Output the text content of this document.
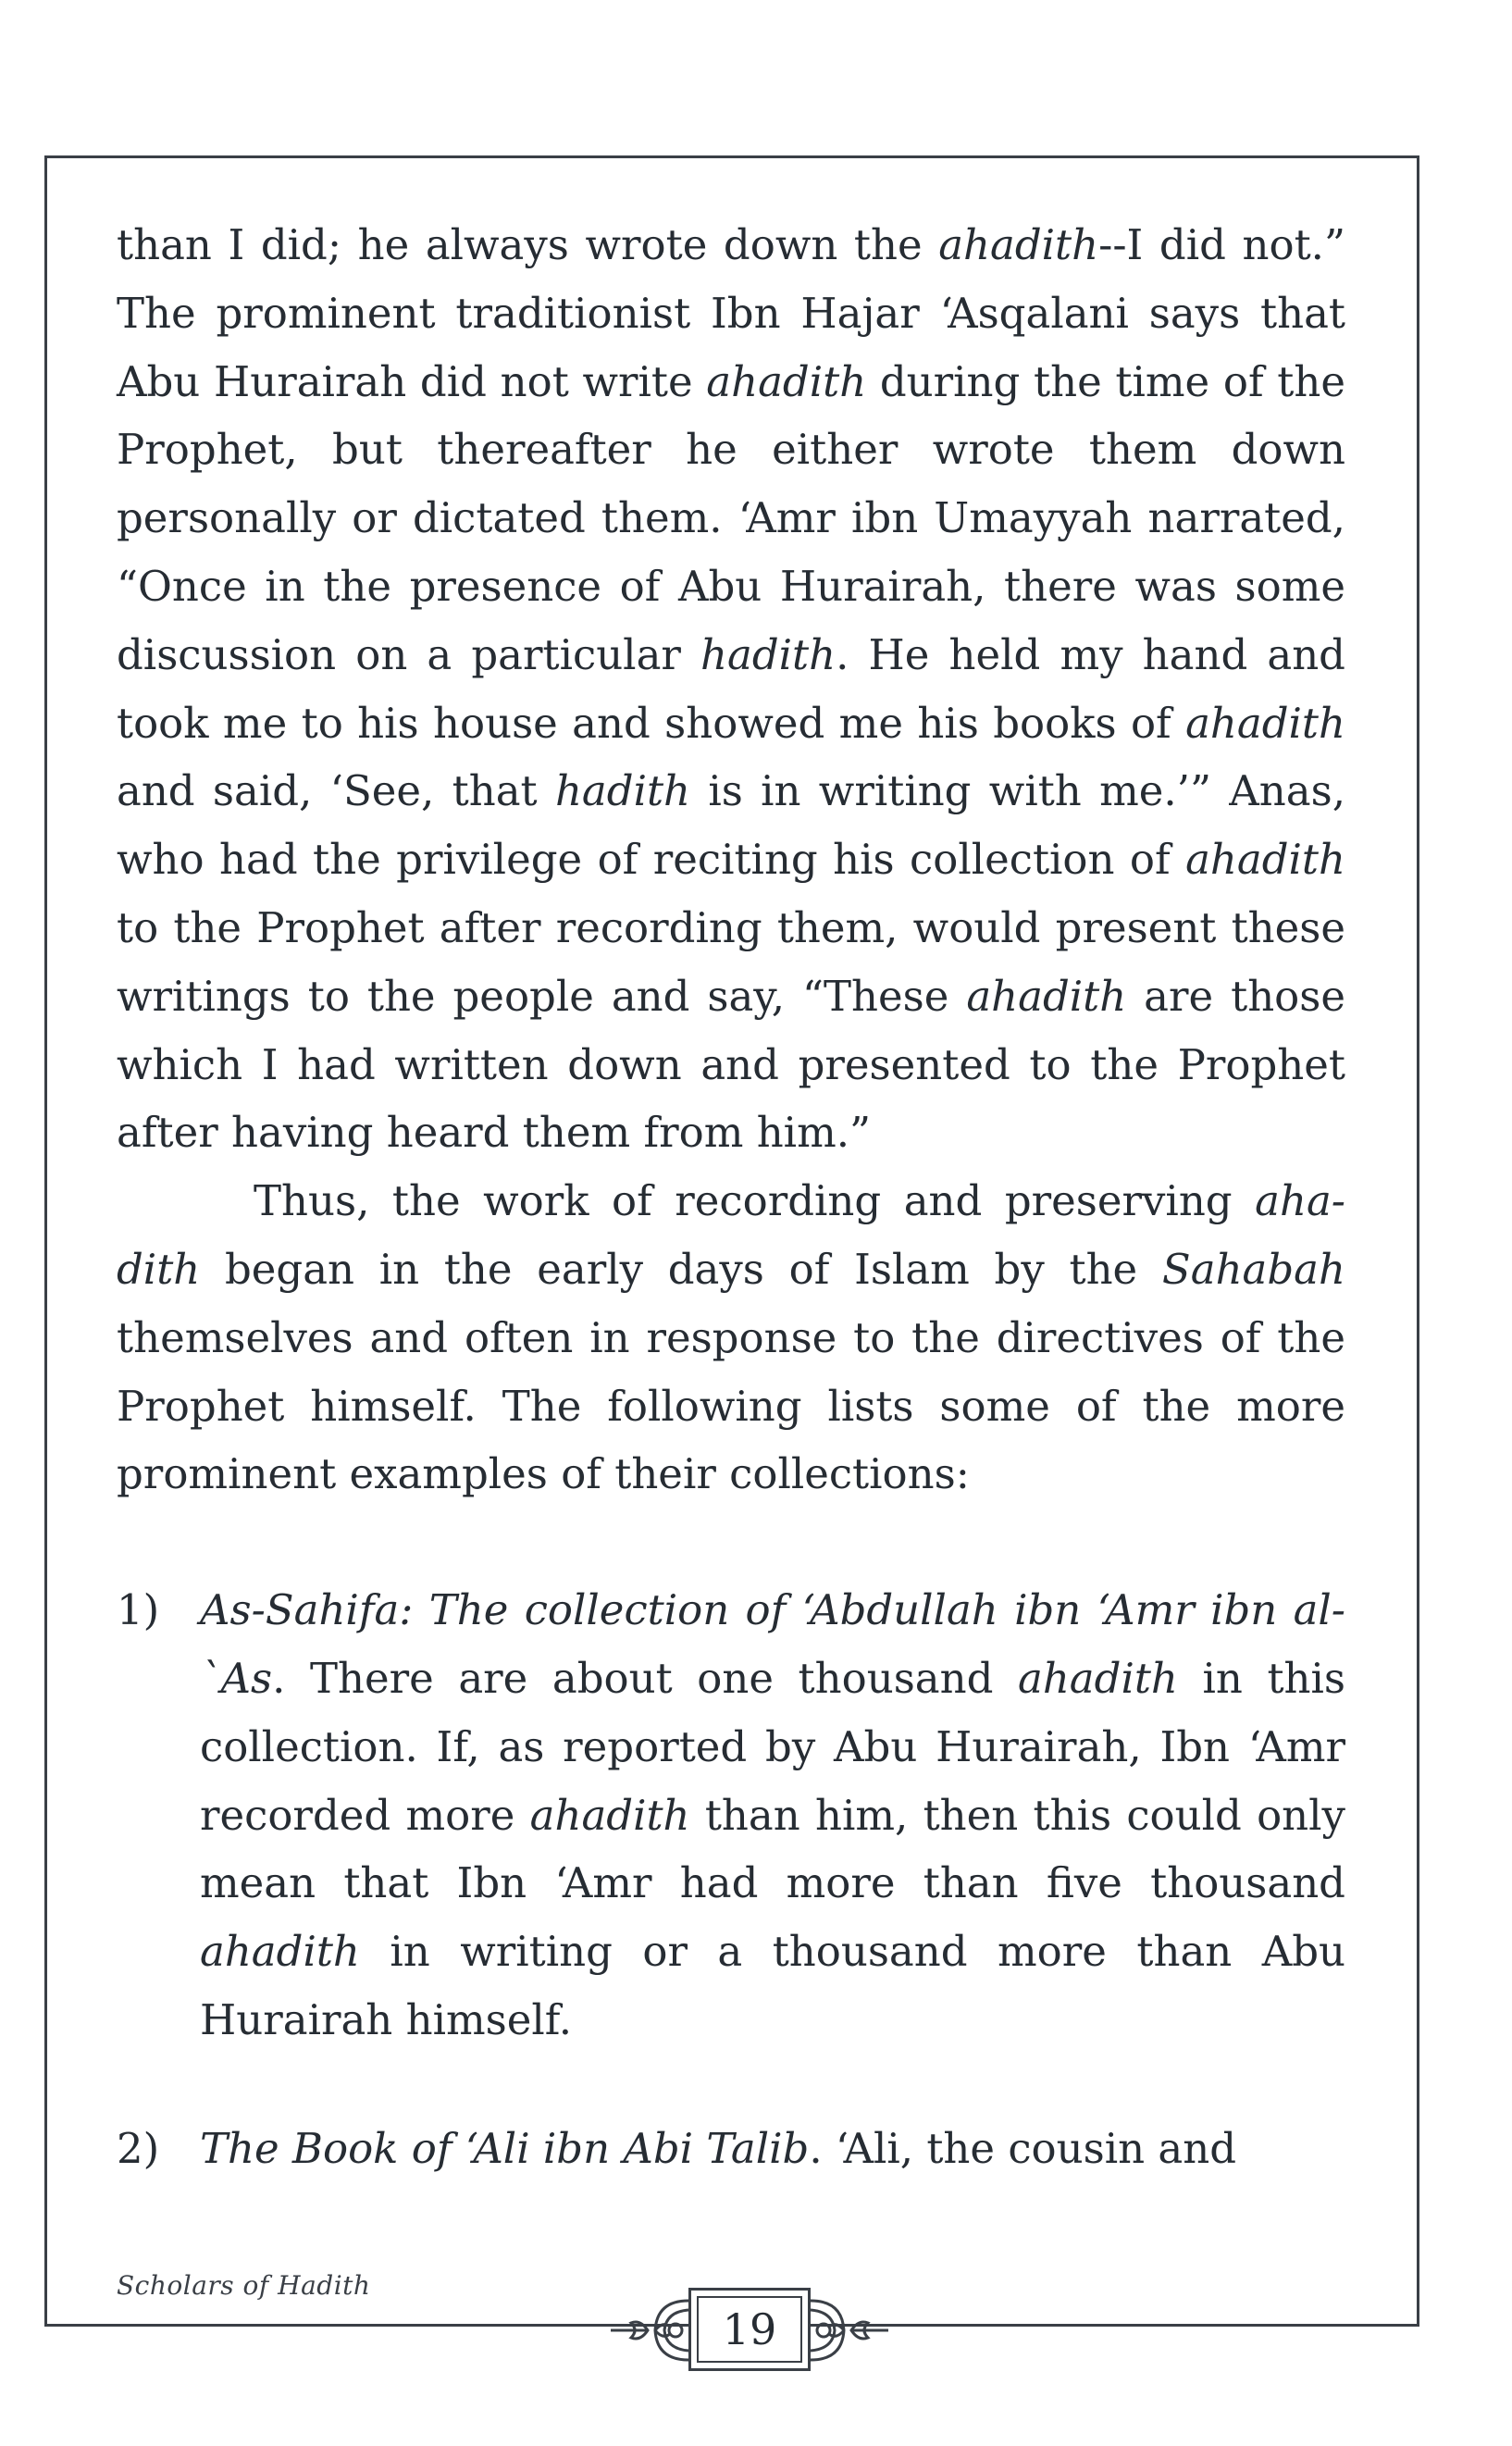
than I did; he always wrote down the ahadith--I did not.” The prominent traditionist Ibn Hajar ‘Asqalani says that Abu Hurairah did not write ahadith during the time of the Prophet, but thereafter he either wrote them down personally or dictated them. ‘Amr ibn Umayyah narrated, “Once in the presence of Abu Hurairah, there was some discussion on a particular hadith. He held my hand and took me to his house and showed me his books of ahadith and said, ‘See, that hadith is in writing with me.’” Anas, who had the privilege of reciting his collection of ahadith to the Prophet after recording them, would present these writings to the people and say, “These ahadith are those which I had written down and presented to the Prophet after having heard them from him.”

Thus, the work of recording and preserving aha-dith began in the early days of Islam by the Sahabah themselves and often in response to the directives of the Prophet himself. The following lists some of the more prominent examples of their collections:

1) As-Sahifa: The collection of ‘Abdullah ibn ‘Amr ibn al-`As. There are about one thousand ahadith in this collection. If, as reported by Abu Hurairah, Ibn ‘Amr recorded more ahadith than him, then this could only mean that Ibn ‘Amr had more than five thousand ahadith in writing or a thousand more than Abu Hurairah himself.
2) The Book of ‘Ali ibn Abi Talib. ‘Ali, the cousin and
Scholars of Hadith
19
